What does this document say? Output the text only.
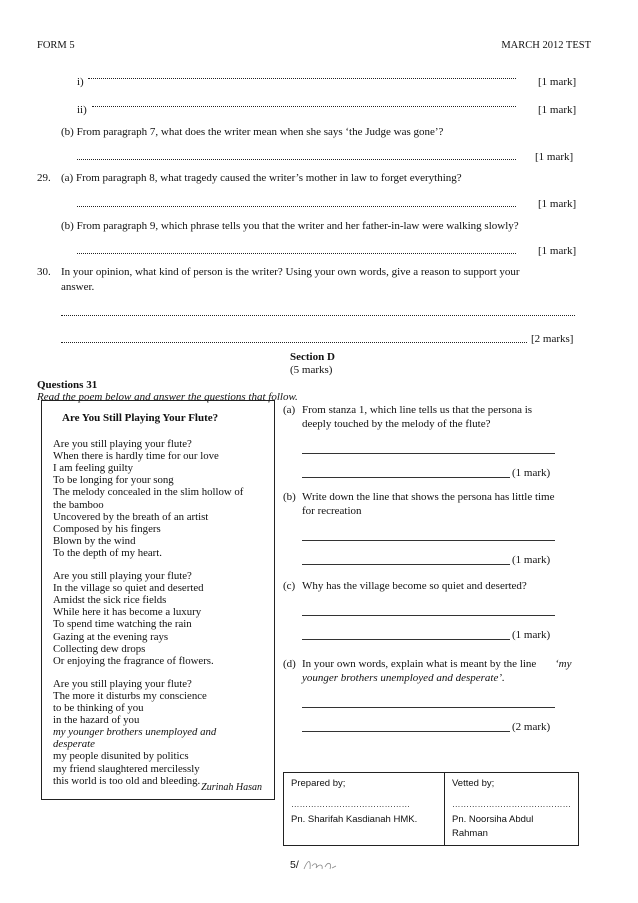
FORM 5	MARCH 2012 TEST
i)	[1 mark]
ii)	[1 mark]
(b) From paragraph 7, what does the writer mean when she says ‘the Judge was gone’?
[1 mark]
29. (a) From paragraph 8, what tragedy caused the writer’s mother in law to forget everything?
[1 mark]
(b) From paragraph 9, which phrase tells you that the writer and her father-in-law were walking slowly?
[1 mark]
30. In your opinion, what kind of person is the writer? Using your own words, give a reason to support your
answer.
[2 marks]
Section D
(5 marks)
Questions 31
Read the poem below and answer the questions that follow.
Are You Still Playing Your Flute?
Zurinah Hasan
Are you still playing your flute?
When there is hardly time for our love
I am feeling guilty
To be longing for your song
The melody concealed in the slim hollow of
the bamboo
Uncovered by the breath of an artist
Composed by his fingers
Blown by the wind
To the depth of my heart.
Are you still playing your flute?
In the village so quiet and deserted
Amidst the sick rice fields
While here it has become a luxury
To spend time watching the rain
Gazing at the evening rays
Collecting dew drops
Or enjoying the fragrance of flowers.
Are you still playing your flute?
The more it disturbs my conscience
to be thinking of you
in the hazard of you
my younger brothers unemployed and
desperate
my people disunited by politics
my friend slaughtered mercilessly
this world is too old and bleeding.
(a) From stanza 1, which line tells us that the persona is
deeply touched by the melody of the flute?
(1 mark)
(b) Write down the line that shows the persona has little time
for recreation
(1 mark)
(c) Why has the village become so quiet and deserted?
(1 mark)
(d) In your own words, explain what is meant by the line ‘my
younger brothers unemployed and desperate’.
(2 mark)
Prepared by;
……………………………………
Pn. Sharifah Kasdianah HMK.

Vetted by;
……………………………………
Pn. Noorsiha Abdul Rahman
5/
